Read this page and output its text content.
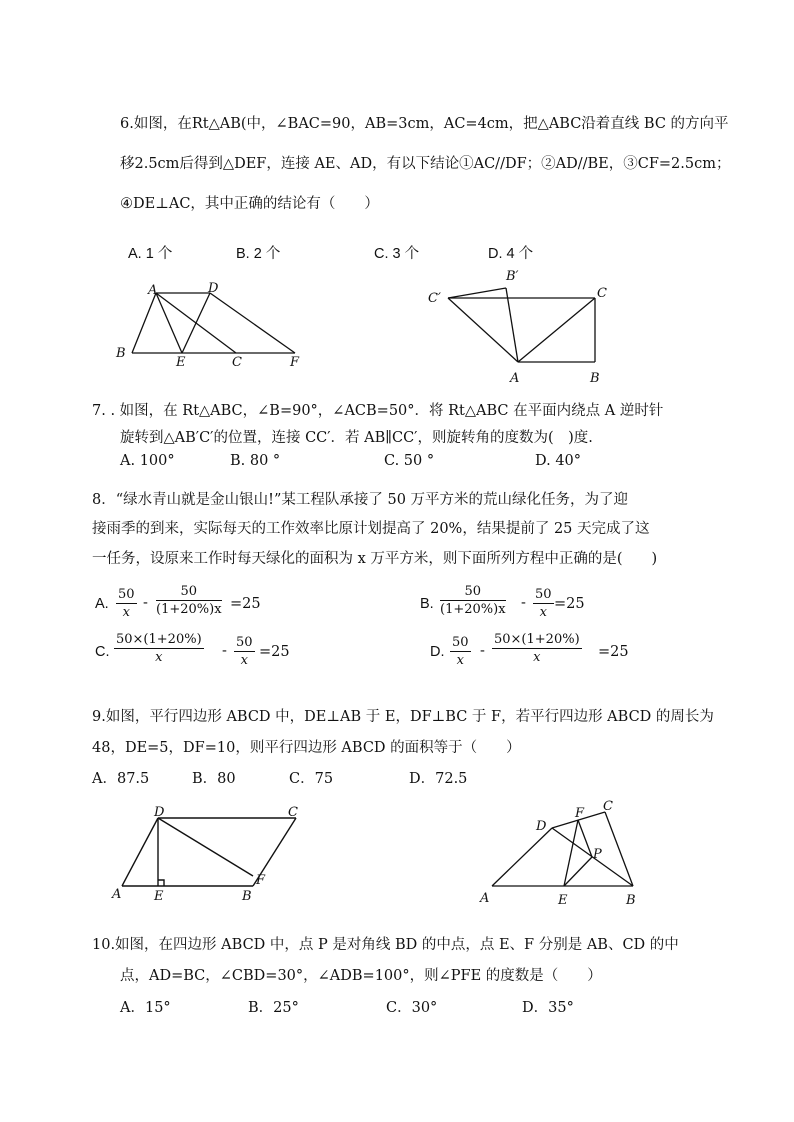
6.如图，在Rt△AB(中，∠BAC=90，AB=3cm，AC=4cm，把△ABC沿着直线 BC 的方向平
移2.5cm后得到△DEF，连接 AE、AD，有以下结论①AC//DF；②AD//BE，③CF=2.5cm；
④DE⊥AC，其中正确的结论有（　　）
A. 1 个	B. 2 个	C. 3 个	D. 4 个
A	D
B
E	C	F
B′
C′	C
A	B
7. . 如图，在 Rt△ABC，∠B=90°，∠ACB=50°．将 Rt△ABC 在平面内绕点 A 逆时针
旋转到△AB′C′的位置，连接 CC′．若 AB∥CC′，则旋转角的度数为(　)度.
A. 100°	B. 80 °	C. 50 °	D. 40°
8．“绿水青山就是金山银山!”某工程队承接了 50 万平方米的荒山绿化任务，为了迎
接雨季的到来，实际每天的工作效率比原计划提高了 20%，结果提前了 25 天完成了这
一任务，设原来工作时每天绿化的面积为 x 万平方米，则下面所列方程中正确的是(　　)
A. $\frac{50}{x} - \frac{50}{(1+20\%)x} =25$	B. $\frac{50}{(1+20\%)x} - \frac{50}{x} =25$
C. $\frac{50\times(1+20\%)}{x} - \frac{50}{x} =25$	D. $\frac{50}{x} - \frac{50\times(1+20\%)}{x} =25$
9.如图，平行四边形 ABCD 中，DE⊥AB 于 E，DF⊥BC 于 F，若平行四边形 ABCD 的周长为
48，DE=5，DF=10，则平行四边形 ABCD 的面积等于（　　）
A．87.5	B．80	C．75	D．72.5
D	C
A	E	B
F
F C
D
P
A	E	B
10.如图，在四边形 ABCD 中，点 P 是对角线 BD 的中点，点 E、F 分别是 AB、CD 的中
点，AD=BC，∠CBD=30°，∠ADB=100°，则∠PFE 的度数是（　　）
A．15°	B．25°	C．30°	D．35°
